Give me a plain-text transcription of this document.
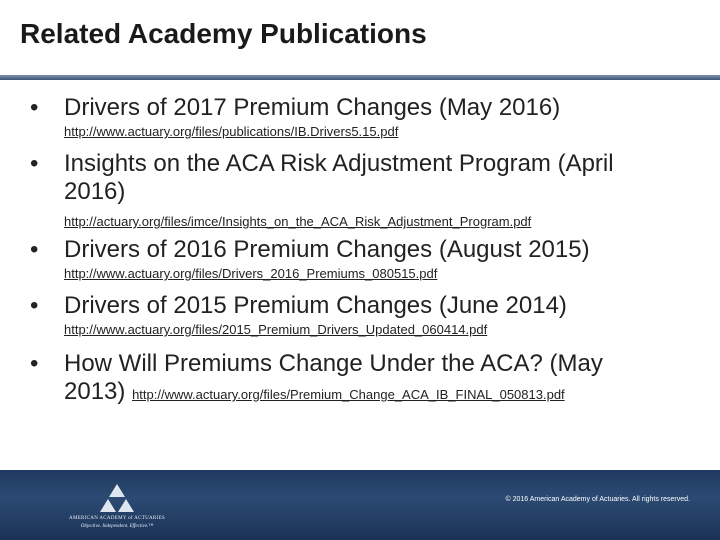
Related Academy Publications
• Drivers of 2017 Premium Changes (May 2016)
http://www.actuary.org/files/publications/IB.Drivers5.15.pdf
• Insights on the ACA Risk Adjustment Program (April
2016)
http://actuary.org/files/imce/Insights_on_the_ACA_Risk_Adjustment_Program.pdf
• Drivers of 2016 Premium Changes (August 2015)
http://www.actuary.org/files/Drivers_2016_Premiums_080515.pdf
• Drivers of 2015 Premium Changes (June 2014)
http://www.actuary.org/files/2015_Premium_Drivers_Updated_060414.pdf
• How Will Premiums Change Under the ACA? (May
2013) http://www.actuary.org/files/Premium_Change_ACA_IB_FINAL_050813.pdf
AMERICAN ACADEMY of ACTUARIES
Objective. Independent. Effective.™
© 2016 American Academy of Actuaries. All rights reserved.
